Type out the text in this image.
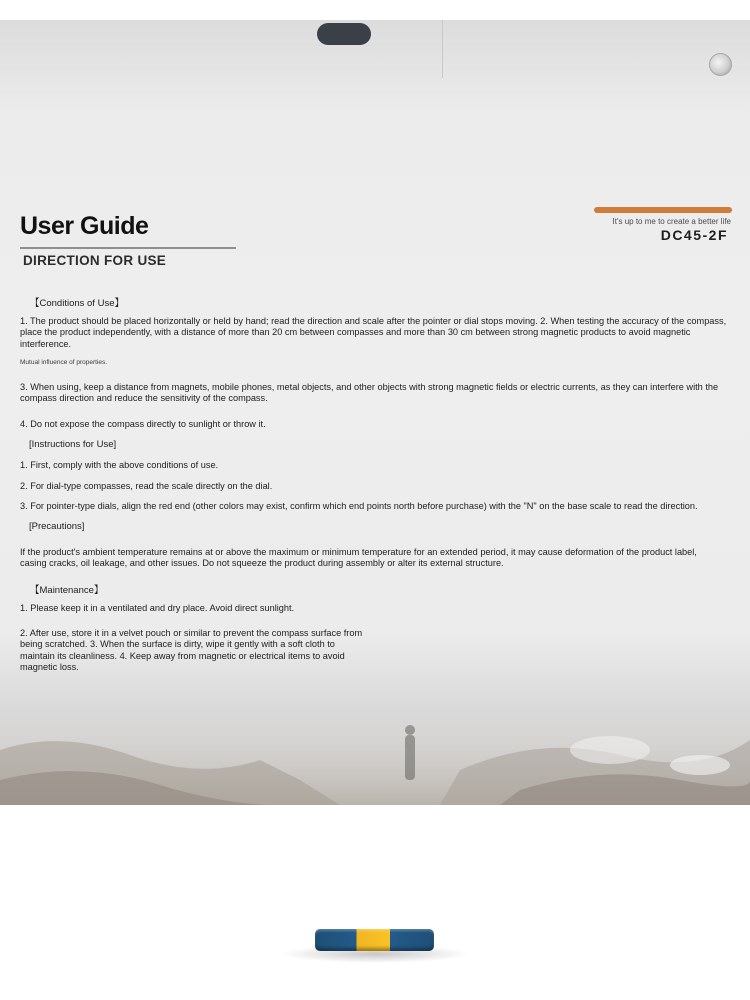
User Guide
DIRECTION FOR USE
It's up to me to create a better life
DC45-2F
【Conditions of Use】
1. The product should be placed horizontally or held by hand; read the direction and scale after the pointer or dial stops moving. 2. When testing the accuracy of the compass, place the product independently, with a distance of more than 20 cm between compasses and more than 30 cm between strong magnetic products to avoid magnetic interference.
Mutual influence of properties.
3. When using, keep a distance from magnets, mobile phones, metal objects, and other objects with strong magnetic fields or electric currents, as they can interfere with the compass direction and reduce the sensitivity of the compass.
4. Do not expose the compass directly to sunlight or throw it.
[Instructions for Use]
1. First, comply with the above conditions of use.
2. For dial-type compasses, read the scale directly on the dial.
3. For pointer-type dials, align the red end (other colors may exist, confirm which end points north before purchase) with the "N" on the base scale to read the direction.
[Precautions]
If the product's ambient temperature remains at or above the maximum or minimum temperature for an extended period, it may cause deformation of the product label, casing cracks, oil leakage, and other issues. Do not squeeze the product during assembly or alter its external structure.
【Maintenance】
1. Please keep it in a ventilated and dry place. Avoid direct sunlight.
2. After use, store it in a velvet pouch or similar to prevent the compass surface from being scratched. 3. When the surface is dirty, wipe it gently with a soft cloth to maintain its cleanliness. 4. Keep away from magnetic or electrical items to avoid magnetic loss.
